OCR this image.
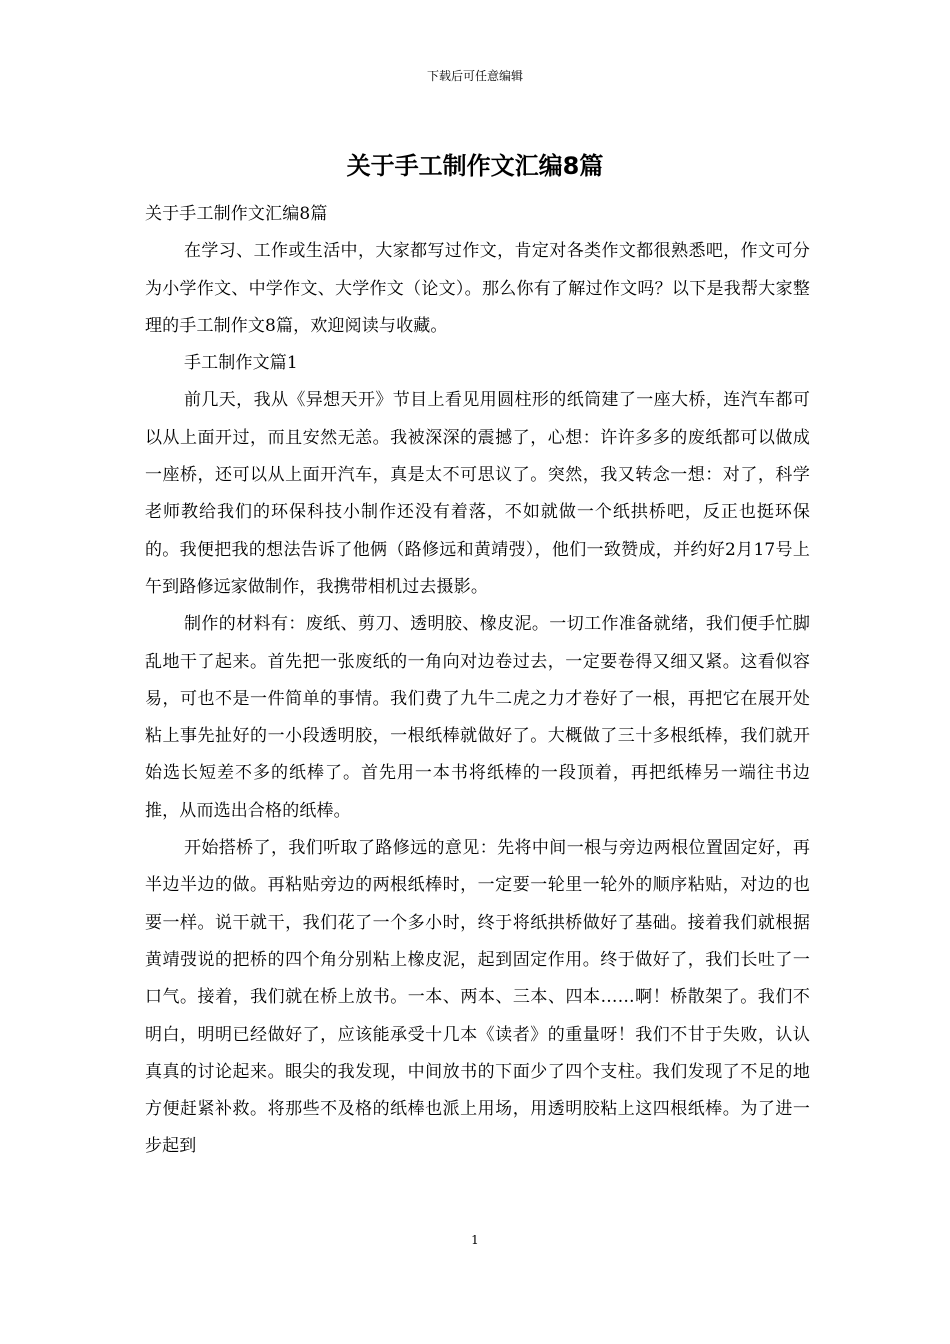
下载后可任意编辑
关于手工制作文汇编8篇

关于手工制作文汇编8篇

在学习、工作或生活中，大家都写过作文，肯定对各类作文都很熟悉吧，作文可分为小学作文、中学作文、大学作文（论文）。那么你有了解过作文吗？以下是我帮大家整理的手工制作文8篇，欢迎阅读与收藏。

手工制作文篇1

前几天，我从《异想天开》节目上看见用圆柱形的纸筒建了一座大桥，连汽车都可以从上面开过，而且安然无恙。我被深深的震撼了，心想：许许多多的废纸都可以做成一座桥，还可以从上面开汽车，真是太不可思议了。突然，我又转念一想：对了，科学老师教给我们的环保科技小制作还没有着落，不如就做一个纸拱桥吧，反正也挺环保的。我便把我的想法告诉了他俩（路修远和黄靖弢），他们一致赞成，并约好2月17号上午到路修远家做制作，我携带相机过去摄影。

制作的材料有：废纸、剪刀、透明胶、橡皮泥。一切工作准备就绪，我们便手忙脚乱地干了起来。首先把一张废纸的一角向对边卷过去，一定要卷得又细又紧。这看似容易，可也不是一件简单的事情。我们费了九牛二虎之力才卷好了一根，再把它在展开处粘上事先扯好的一小段透明胶，一根纸棒就做好了。大概做了三十多根纸棒，我们就开始选长短差不多的纸棒了。首先用一本书将纸棒的一段顶着，再把纸棒另一端往书边推，从而选出合格的纸棒。

开始搭桥了，我们听取了路修远的意见：先将中间一根与旁边两根位置固定好，再半边半边的做。再粘贴旁边的两根纸棒时，一定要一轮里一轮外的顺序粘贴，对边的也要一样。说干就干，我们花了一个多小时，终于将纸拱桥做好了基础。接着我们就根据黄靖弢说的把桥的四个角分别粘上橡皮泥，起到固定作用。终于做好了，我们长吐了一口气。接着，我们就在桥上放书。一本、两本、三本、四本……啊！桥散架了。我们不明白，明明已经做好了，应该能承受十几本《读者》的重量呀！我们不甘于失败，认认真真的讨论起来。眼尖的我发现，中间放书的下面少了四个支柱。我们发现了不足的地方便赶紧补救。将那些不及格的纸棒也派上用场，用透明胶粘上这四根纸棒。为了进一步起到

1
